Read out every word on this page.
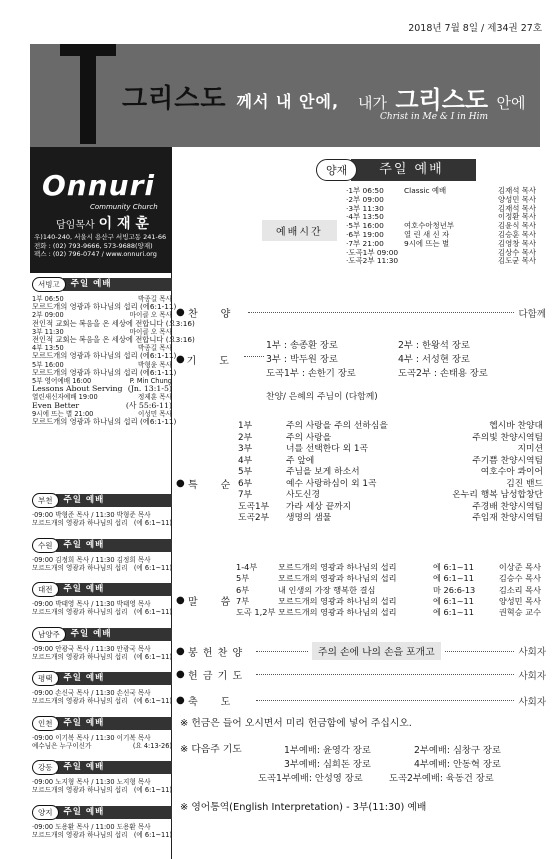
2018년 7월 8일 / 제34권 27호
그리스도 께서 내 안에, 내가 그리스도 안에
Christ in Me & I in Him
Onnuri
Community Church
담임목사 이 재 훈
우)140-240, 서울시 용산구 서빙고동 241-66
전화 : (02) 793-9666, 573-9688(양재)
팩스 : (02) 796-0747 / www.onnuri.org
서빙고	주일 예배
1부 06:50	박종길 목사
모르드개의 영광과 하나님의 섭리 (에6:1-11)
2부 09:00	마이클 오 목사
전인적 교회는 복음을 온 세상에 전합니다 (요3:16)
3부 11:30	마이클 오 목사
전인적 교회는 복음을 온 세상에 전합니다 (요3:16)
4부 13:50	박종길 목사
모르드개의 영광과 하나님의 섭리 (에6:1-11)
5부 16:00	박형윤 목사
모르드개의 영광과 하나님의 섭리 (에6:1-11)
5부 영어예배 16:00	P. Min Chung
Lessons About Serving (Jn. 13:1-5)
열린새신자예배 19:00	정제훈 목사
Even Better	(사 55:6-11)
9시에 뜨는 별 21:00	이성민 목사
모르드개의 영광과 하나님의 섭리 (에6:1-11)
부천	주일 예배
·09:00 박형준 목사 / 11:30 박형준 목사
모르드개의 영광과 하나님의 섭리 (에 6:1~11)
수원	주일 예배
·09:00 김정희 목사 / 11:30 김정희 목사
모르드개의 영광과 하나님의 섭리 (에 6:1~11)
대전	주일 예배
·09:00 박태영 목사 / 11:30 박태영 목사
모르드개의 영광과 하나님의 섭리 (에 6:1~11)
남양주	주일 예배
·09:00 안광국 목사 / 11:30 안광국 목사
모르드개의 영광과 하나님의 섭리 (에 6:1~11)
평택	주일 예배
·09:00 손신국 목사 / 11:30 손신국 목사
모르드개의 영광과 하나님의 섭리 (에 6:1~11)
인천	주일 예배
·09:00 이기복 목사 / 11:30 이기복 목사
예수님은 누구이신가	(요 4:13-26)
강동	주일 예배
·09:00 노지형 목사 / 11:30 노지형 목사
모르드개의 영광과 하나님의 섭리 (에 6:1~11)
양지	주일 예배
·09:00 도용환 목사 / 11:00 도용환 목사
모르드개의 영광과 하나님의 섭리 (에 6:1~11)
양재	주일 예배
예배시간
·1부 06:50	Classic 예배	김재석 목사
·2부 09:00	양성민 목사
·3부 11:30	김재석 목사
·4부 13:50	이정환 목사
·5부 16:00	여호수아청년부	김윤식 목사
·6부 19:00	열 린 새 신 자	김승훈 목사
·7부 21:00	9시에 뜨는 별	김영창 목사
·도곡1부 09:00	김상수 목사
·도곡2부 11:30	김도균 목사
● 찬　　양	다함께
● 기　　도
1부 : 송종환 장로	2부 : 한왕석 장로
3부 : 박두원 장로	4부 : 서성현 장로
도곡1부 : 손한기 장로	도곡2부 : 손태용 장로
찬양/ 은혜의 주님이 (다함께)
● 특　　순
1부	주의 사랑을 주의 선하심을	헵시바 찬양대
2부	주의 사랑을	주의빛 찬양시역팀
3부	너를 선택한다 외 1곡	지미션
4부	주 앞에	주기쁨 찬양시역팀
5부	주님을 보게 하소서	여호수아 콰이어
6부	예수 사랑하심이 외 1곡	김진 밴드
7부	사도신경	온누리 행복 남성합창단
도곡1부	가라 세상 끝까지	주경배 찬양시역팀
도곡2부	생명의 샘물	주임재 찬양시역팀
● 말　　씀
1-4부	모르드개의 영광과 하나님의 섭리	에 6:1~11	이상준 목사
5부	모르드개의 영광과 하나님의 섭리	에 6:1~11	김승수 목사
6부	내 인생의 가장 행복한 결심	마 26:6-13	김소리 목사
7부	모르드개의 영광과 하나님의 섭리	에 6:1~11	양성민 목사
도곡 1,2부 모르드개의 영광과 하나님의 섭리	에 6:1~11	권혁승 교수
● 봉 헌 찬 양	주의 손에 나의 손을 포개고	사회자
● 헌 금 기 도	사회자
● 축　　도	사회자
※ 헌금은 들어 오시면서 미리 헌금함에 넣어 주십시오.
※ 다음주 기도	1부예배: 윤영각 장로	2부예배: 심창구 장로
3부예배: 심희돈 장로	4부예배: 안동혁 장로
도곡1부예배: 안성영 장로	도곡2부예배: 육동건 장로
※ 영어통역(English Interpretation) - 3부(11:30) 예배
